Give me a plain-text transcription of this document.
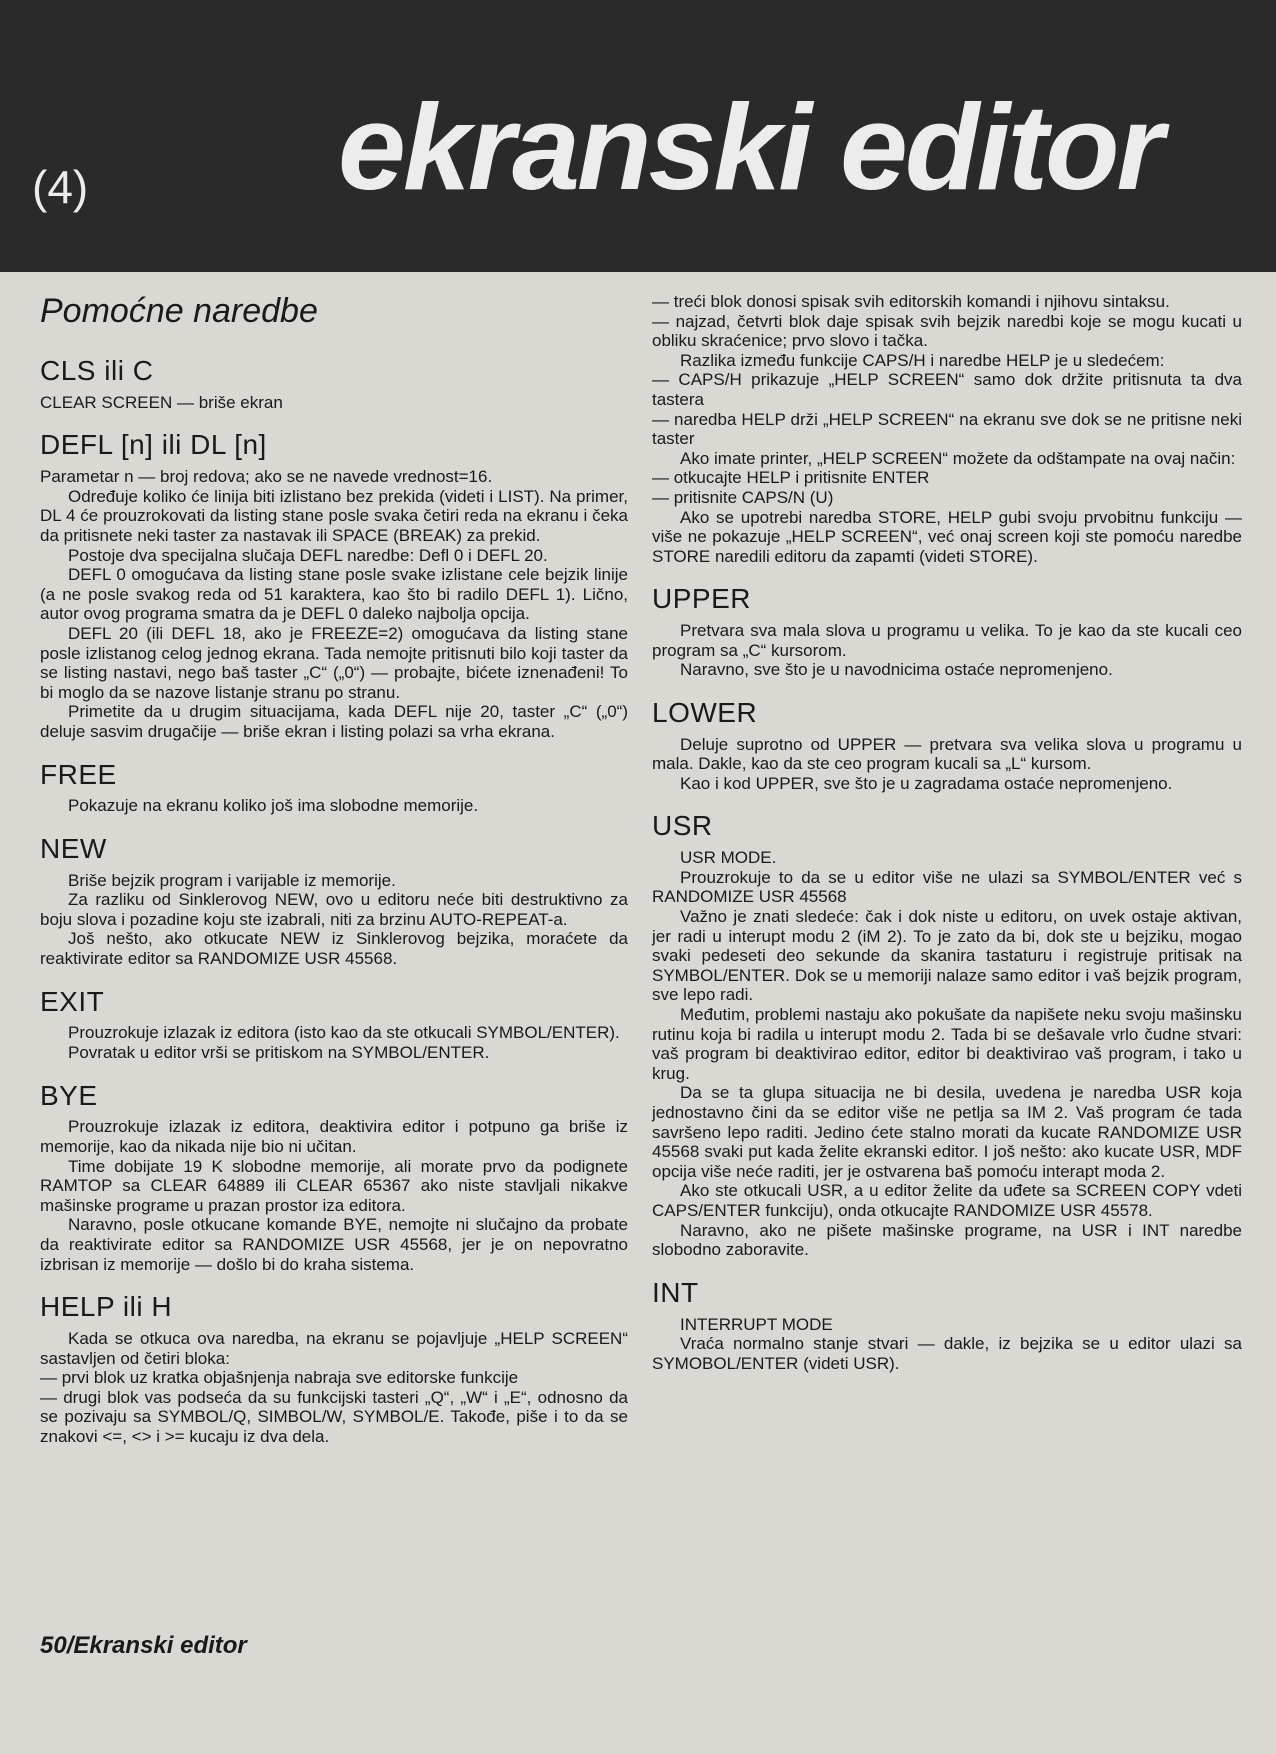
(4) ekranski editor
Pomoćne naredbe
CLS ili C

CLEAR SCREEN — briše ekran

DEFL [n] ili DL [n]

Parametar n — broj redova; ako se ne navede vrednost=16.

Određuje koliko će linija biti izlistano bez prekida (videti i LIST). Na primer, DL 4 će prouzrokovati da listing stane posle svaka četiri reda na ekranu i čeka da pritisnete neki taster za nastavak ili SPACE (BREAK) za prekid.

Postoje dva specijalna slučaja DEFL naredbe: Defl 0 i DEFL 20.

DEFL 0 omogućava da listing stane posle svake izlistane cele bejzik linije (a ne posle svakog reda od 51 karaktera, kao što bi radilo DEFL 1). Lično, autor ovog programa smatra da je DEFL 0 daleko najbolja opcija.

DEFL 20 (ili DEFL 18, ako je FREEZE=2) omogućava da listing stane posle izlistanog celog jednog ekrana. Tada nemojte pritisnuti bilo koji taster da se listing nastavi, nego baš taster „C“ („0“) — probajte, bićete iznenađeni! To bi moglo da se nazove listanje stranu po stranu.

Primetite da u drugim situacijama, kada DEFL nije 20, taster „C“ („0“) deluje sasvim drugačije — briše ekran i listing polazi sa vrha ekrana.

FREE

Pokazuje na ekranu koliko još ima slobodne memorije.

NEW

Briše bejzik program i varijable iz memorije.

Za razliku od Sinklerovog NEW, ovo u editoru neće biti destruktivno za boju slova i pozadine koju ste izabrali, niti za brzinu AUTO-REPEAT-a.

Još nešto, ako otkucate NEW iz Sinklerovog bejzika, moraćete da reaktivirate editor sa RANDOMIZE USR 45568.

EXIT

Prouzrokuje izlazak iz editora (isto kao da ste otkucali SYMBOL/ENTER).

Povratak u editor vrši se pritiskom na SYMBOL/ENTER.

BYE

Prouzrokuje izlazak iz editora, deaktivira editor i potpuno ga briše iz memorije, kao da nikada nije bio ni učitan.

Time dobijate 19 K slobodne memorije, ali morate prvo da podignete RAMTOP sa CLEAR 64889 ili CLEAR 65367 ako niste stavljali nikakve mašinske programe u prazan prostor iza editora.

Naravno, posle otkucane komande BYE, nemojte ni slučajno da probate da reaktivirate editor sa RANDOMIZE USR 45568, jer je on nepovratno izbrisan iz memorije — došlo bi do kraha sistema.

HELP ili H

Kada se otkuca ova naredba, na ekranu se pojavljuje „HELP SCREEN“ sastavljen od četiri bloka:

— prvi blok uz kratka objašnjenja nabraja sve editorske funkcije

— drugi blok vas podseća da su funkcijski tasteri „Q“, „W“ i „E“, odnosno da se pozivaju sa SYMBOL/Q, SIMBOL/W, SYMBOL/E. Takođe, piše i to da se znakovi <=, <> i >= kucaju iz dva dela.

— treći blok donosi spisak svih editorskih komandi i njihovu sintaksu.

— najzad, četvrti blok daje spisak svih bejzik naredbi koje se mogu kucati u obliku skraćenice; prvo slovo i tačka.

Razlika između funkcije CAPS/H i naredbe HELP je u sledećem:

— CAPS/H prikazuje „HELP SCREEN“ samo dok držite pritisnuta ta dva tastera

— naredba HELP drži „HELP SCREEN“ na ekranu sve dok se ne pritisne neki taster

Ako imate printer, „HELP SCREEN“ možete da odštampate na ovaj način:

— otkucajte HELP i pritisnite ENTER

— pritisnite CAPS/N (U)

Ako se upotrebi naredba STORE, HELP gubi svoju prvobitnu funkciju — više ne pokazuje „HELP SCREEN“, već onaj screen koji ste pomoću naredbe STORE naredili editoru da zapamti (videti STORE).

UPPER

Pretvara sva mala slova u programu u velika. To je kao da ste kucali ceo program sa „C“ kursorom.

Naravno, sve što je u navodnicima ostaće nepromenjeno.

LOWER

Deluje suprotno od UPPER — pretvara sva velika slova u programu u mala. Dakle, kao da ste ceo program kucali sa „L“ kursom.

Kao i kod UPPER, sve što je u zagradama ostaće nepromenjeno.

USR

USR MODE.

Prouzrokuje to da se u editor više ne ulazi sa SYMBOL/ENTER već s RANDOMIZE USR 45568

Važno je znati sledeće: čak i dok niste u editoru, on uvek ostaje aktivan, jer radi u interupt modu 2 (iM 2). To je zato da bi, dok ste u bejziku, mogao svaki pedeseti deo sekunde da skanira tastaturu i registruje pritisak na SYMBOL/ENTER. Dok se u memoriji nalaze samo editor i vaš bejzik program, sve lepo radi.

Međutim, problemi nastaju ako pokušate da napišete neku svoju mašinsku rutinu koja bi radila u interupt modu 2. Tada bi se dešavale vrlo čudne stvari: vaš program bi deaktivirao editor, editor bi deaktivirao vaš program, i tako u krug.

Da se ta glupa situacija ne bi desila, uvedena je naredba USR koja jednostavno čini da se editor više ne petlja sa IM 2. Vaš program će tada savršeno lepo raditi. Jedino ćete stalno morati da kucate RANDOMIZE USR 45568 svaki put kada želite ekranski editor. I još nešto: ako kucate USR, MDF opcija više neće raditi, jer je ostvarena baš pomoću interapt moda 2.

Ako ste otkucali USR, a u editor želite da uđete sa SCREEN COPY vdeti CAPS/ENTER funkciju), onda otkucajte RANDOMIZE USR 45578.

Naravno, ako ne pišete mašinske programe, na USR i INT naredbe slobodno zaboravite.

INT

INTERRUPT MODE

Vraća normalno stanje stvari — dakle, iz bejzika se u editor ulazi sa SYMOBOL/ENTER (videti USR).

50/Ekranski editor
